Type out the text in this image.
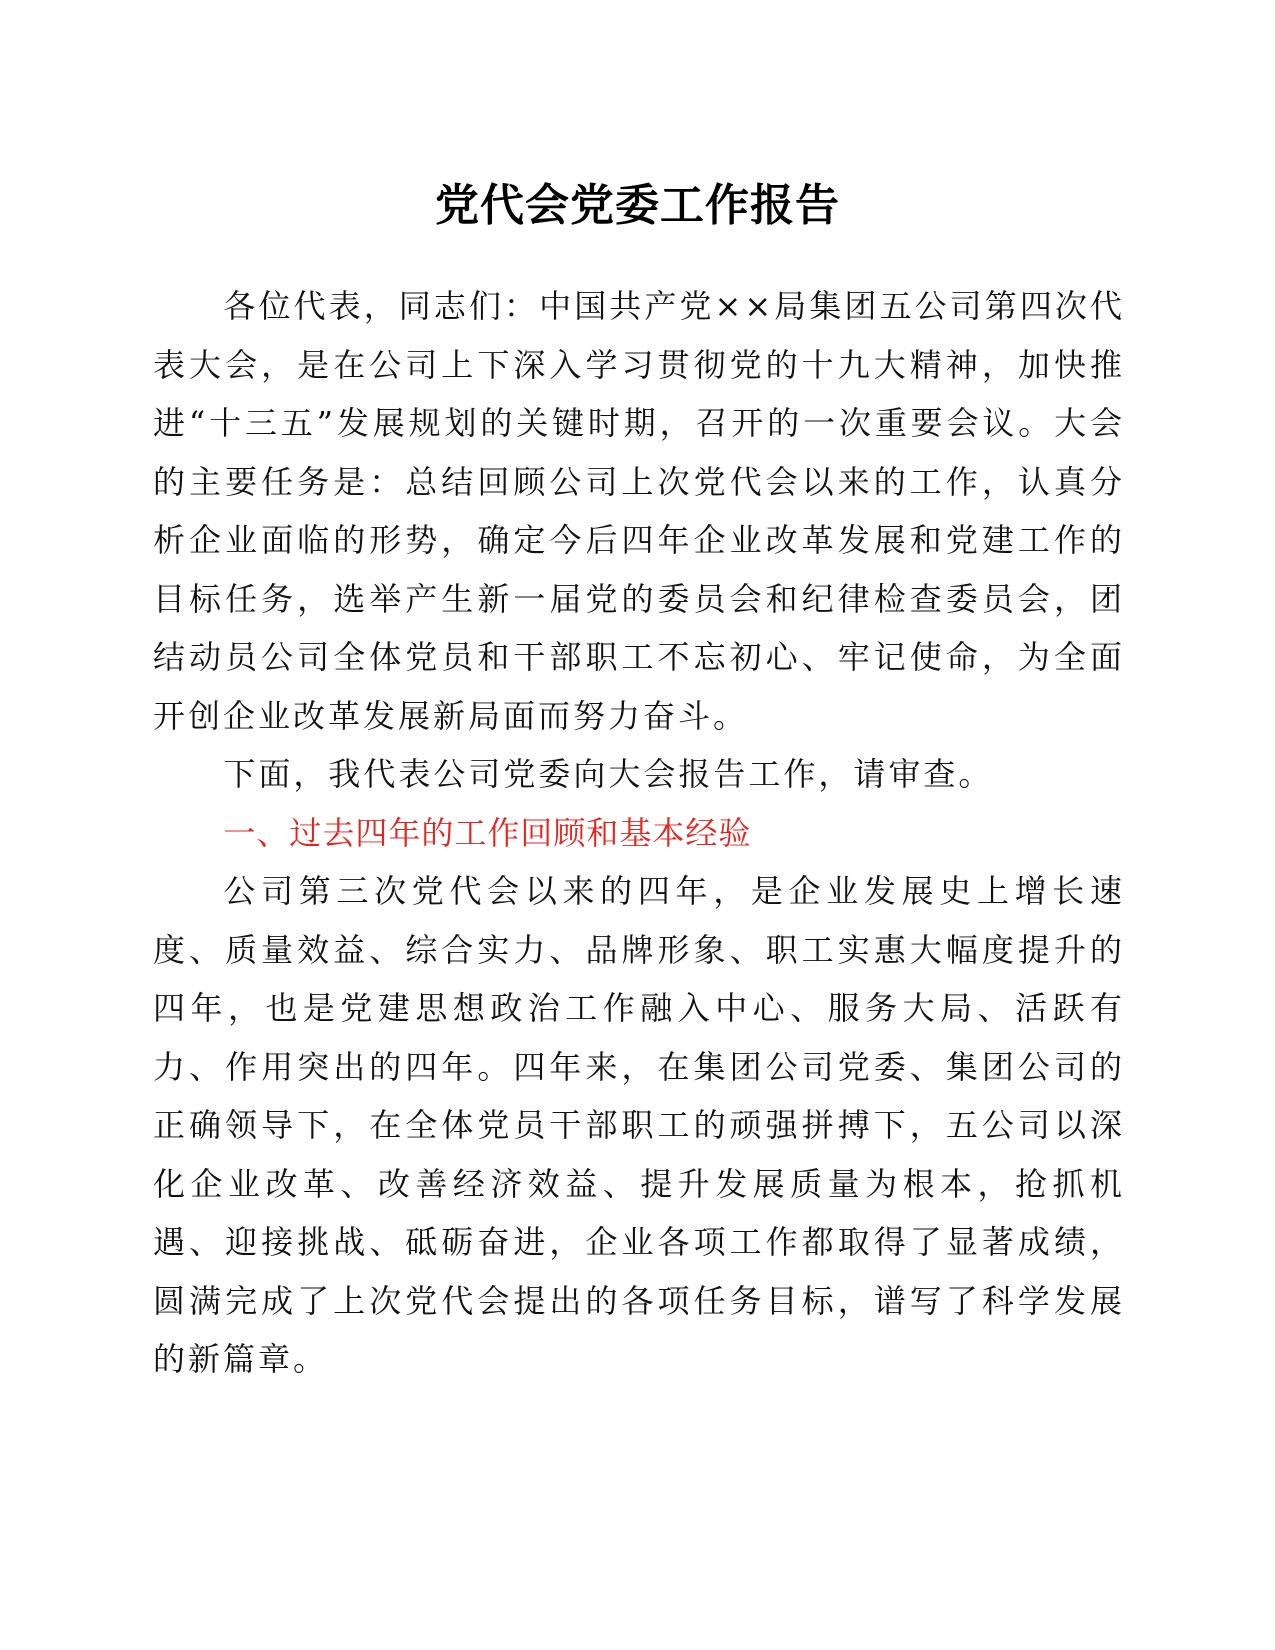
党代会党委工作报告

各位代表，同志们：中国共产党××局集团五公司第四次代表大会，是在公司上下深入学习贯彻党的十九大精神，加快推进“十三五”发展规划的关键时期，召开的一次重要会议。大会的主要任务是：总结回顾公司上次党代会以来的工作，认真分析企业面临的形势，确定今后四年企业改革发展和党建工作的目标任务，选举产生新一届党的委员会和纪律检查委员会，团结动员公司全体党员和干部职工不忘初心、牢记使命，为全面开创企业改革发展新局面而努力奋斗。

下面，我代表公司党委向大会报告工作，请审查。

一、过去四年的工作回顾和基本经验

公司第三次党代会以来的四年，是企业发展史上增长速度、质量效益、综合实力、品牌形象、职工实惠大幅度提升的四年，也是党建思想政治工作融入中心、服务大局、活跃有力、作用突出的四年。四年来，在集团公司党委、集团公司的正确领导下，在全体党员干部职工的顽强拼搏下，五公司以深化企业改革、改善经济效益、提升发展质量为根本，抢抓机遇、迎接挑战、砥砺奋进，企业各项工作都取得了显著成绩，圆满完成了上次党代会提出的各项任务目标，谱写了科学发展的新篇章。
